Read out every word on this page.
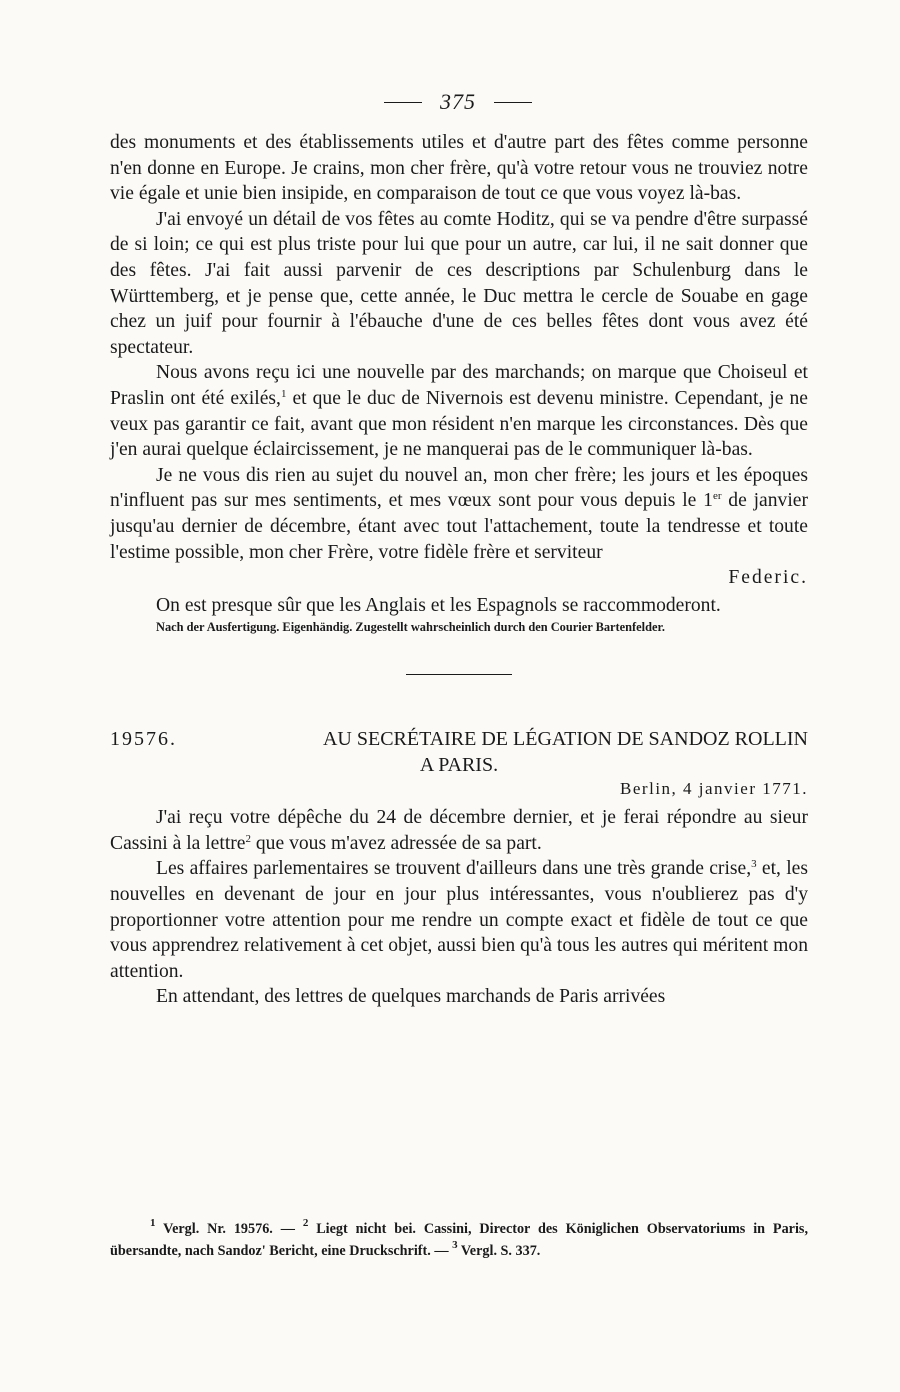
375

des monuments et des établissements utiles et d'autre part des fêtes comme personne n'en donne en Europe. Je crains, mon cher frère, qu'à votre retour vous ne trouviez notre vie égale et unie bien insipide, en comparaison de tout ce que vous voyez là-bas.

J'ai envoyé un détail de vos fêtes au comte Hoditz, qui se va pendre d'être surpassé de si loin; ce qui est plus triste pour lui que pour un autre, car lui, il ne sait donner que des fêtes. J'ai fait aussi parvenir de ces descriptions par Schulenburg dans le Württemberg, et je pense que, cette année, le Duc mettra le cercle de Souabe en gage chez un juif pour fournir à l'ébauche d'une de ces belles fêtes dont vous avez été spectateur.

Nous avons reçu ici une nouvelle par des marchands; on marque que Choiseul et Praslin ont été exilés,$^1$ et que le duc de Nivernois est devenu ministre. Cependant, je ne veux pas garantir ce fait, avant que mon résident n'en marque les circonstances. Dès que j'en aurai quelque éclaircissement, je ne manquerai pas de le communiquer là-bas.

Je ne vous dis rien au sujet du nouvel an, mon cher frère; les jours et les époques n'influent pas sur mes sentiments, et mes vœux sont pour vous depuis le 1er de janvier jusqu'au dernier de décembre, étant avec tout l'attachement, toute la tendresse et toute l'estime possible, mon cher Frère, votre fidèle frère et serviteur

Federic.

On est presque sûr que les Anglais et les Espagnols se raccommoderont.

Nach der Ausfertigung. Eigenhändig. Zugestellt wahrscheinlich durch den Courier Bartenfelder.

19576.	AU SECRÉTAIRE DE LÉGATION DE SANDOZ ROLLIN
A PARIS.
Berlin, 4 janvier 1771.

J'ai reçu votre dépêche du 24 de décembre dernier, et je ferai répondre au sieur Cassini à la lettre$^2$ que vous m'avez adressée de sa part.

Les affaires parlementaires se trouvent d'ailleurs dans une très grande crise,$^3$ et, les nouvelles en devenant de jour en jour plus intéressantes, vous n'oublierez pas d'y proportionner votre attention pour me rendre un compte exact et fidèle de tout ce que vous apprendrez relativement à cet objet, aussi bien qu'à tous les autres qui méritent mon attention.

En attendant, des lettres de quelques marchands de Paris arrivées

$^1$ Vergl. Nr. 19576. — $^2$ Liegt nicht bei. Cassini, Director des Königlichen Observatoriums in Paris, übersandte, nach Sandoz' Bericht, eine Druckschrift. — $^3$ Vergl. S. 337.
